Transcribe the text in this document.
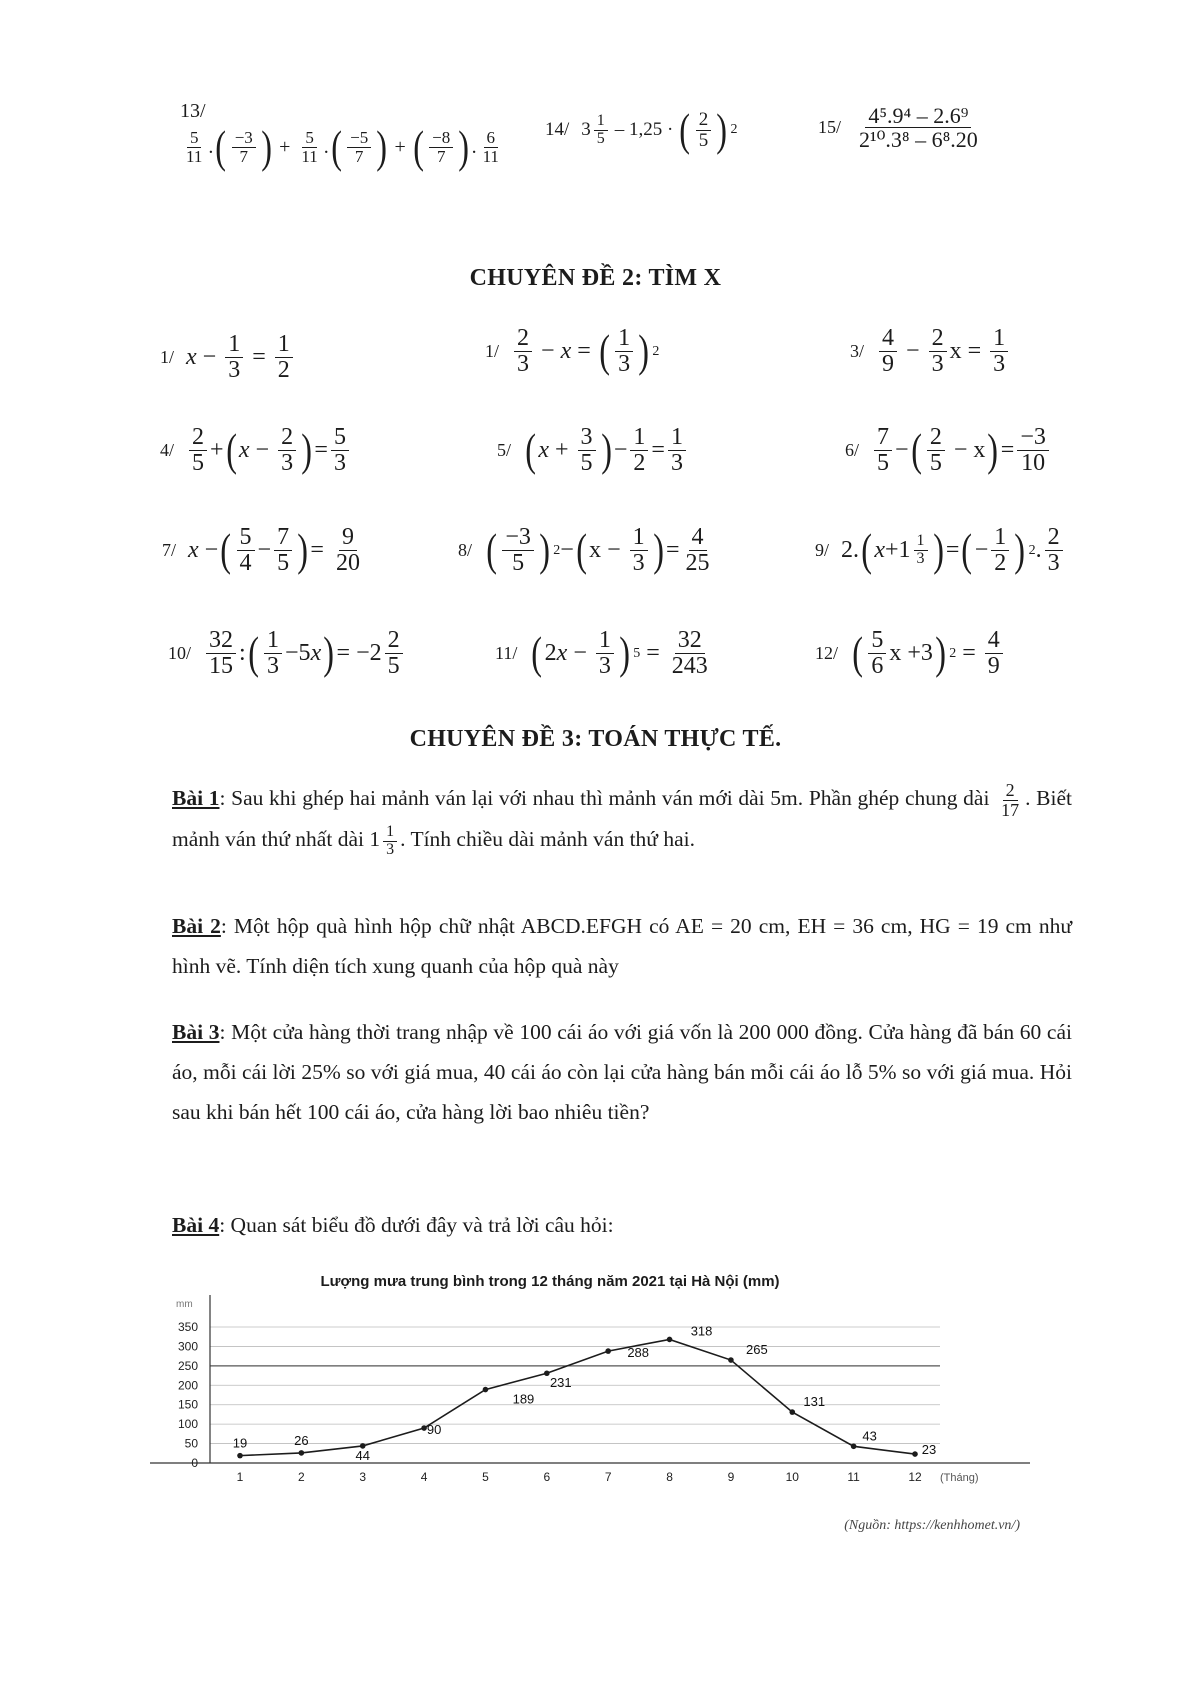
13/
$\frac{5}{11}$ . ( $\frac{-3}{7}$ ) + $\frac{5}{11}$ . ( $\frac{-5}{7}$ ) + ( $\frac{-8}{7}$ ) . $\frac{6}{11} 14/$ $3 \frac{1}{5} - 1,25$ · ( $\frac{2}{5}$ ) 2	$15/ \frac{\text{4⁵.9⁴ – 2.6⁹}}{\text{2¹⁰.3⁸ – 6⁸.20}}$
CHUYÊN ĐỀ 2: TÌM X
1/ $x - \frac{1}{3} = \frac{1}{2}$	$1/ \frac{2}{3} - x$ = ( $\frac{1}{3}$ ) 2	$3/ \frac{4}{9} - \frac{2}{3}$ $x = \frac{1}{3}$
$4/ \frac{2}{5}$ + ( $x - \frac{2}{3}$ ) = $\frac{5}{3}$	5/ ( $x + \frac{3}{5}$ ) − $\frac{1}{2} = \frac{1}{3}$	$6/ \frac{7}{5}$ − ( $\frac{2}{5} - x$ ) = $\frac{-3}{10}$
7/ x − ( $\frac{5}{4} - \frac{7}{5}$ ) = $\frac{9}{20}$	8/ ( $\frac{-3}{5}$ ) 2 − ( $x - \frac{1}{3}$ ) = $\frac{4}{25}$	9/ 2. ( $x +1 \frac{1}{3}$ ) = ( − $\frac{1}{2}$ ) 2 . $\frac{2}{3}$
$10/ \frac{32}{15}$ : ( $\frac{1}{3} -5$ x ) = $-2 \frac{2}{5}$	11/ ( 2 $x - \frac{1}{3}$ ) $5 = \frac{32}{243}$	12/ ( $\frac{5}{6}$ x +3 ) $2 = \frac{4}{9}$
CHUYÊN ĐỀ 3: TOÁN THỰC TẾ.
Bài 1: Sau khi ghép hai mảnh ván lại với nhau thì mảnh ván mới dài 5m. Phần ghép chung dài $\frac{2}{17}$ . Biết mảnh ván thứ nhất dài $1 \frac{1}{3}$ . Tính chiều dài mảnh ván thứ hai.
Bài 2: Một hộp quà hình hộp chữ nhật ABCD.EFGH có AE = 20 cm, EH = 36 cm, HG = 19 cm như hình vẽ. Tính diện tích xung quanh của hộp quà này
Bài 3: Một cửa hàng thời trang nhập về 100 cái áo với giá vốn là 200 000 đồng. Cửa hàng đã bán 60 cái áo, mỗi cái lời 25% so với giá mua, 40 cái áo còn lại cửa hàng bán mỗi cái áo lỗ 5% so với giá mua. Hỏi sau khi bán hết 100 cái áo, cửa hàng lời bao nhiêu tiền?
Bài 4: Quan sát biểu đồ dưới đây và trả lời câu hỏi:
Lượng mưa trung bình trong 12 tháng năm 2021 tại Hà Nội (mm)
mm
(Tháng)
0
50
100
150
200
250
300
350
1	2	3	4	5	6	7	8	9	10	11	12
19	26
44
90
189
231
288
318
265
131
43
23
(Nguồn: https://kenhhomet.vn/)
